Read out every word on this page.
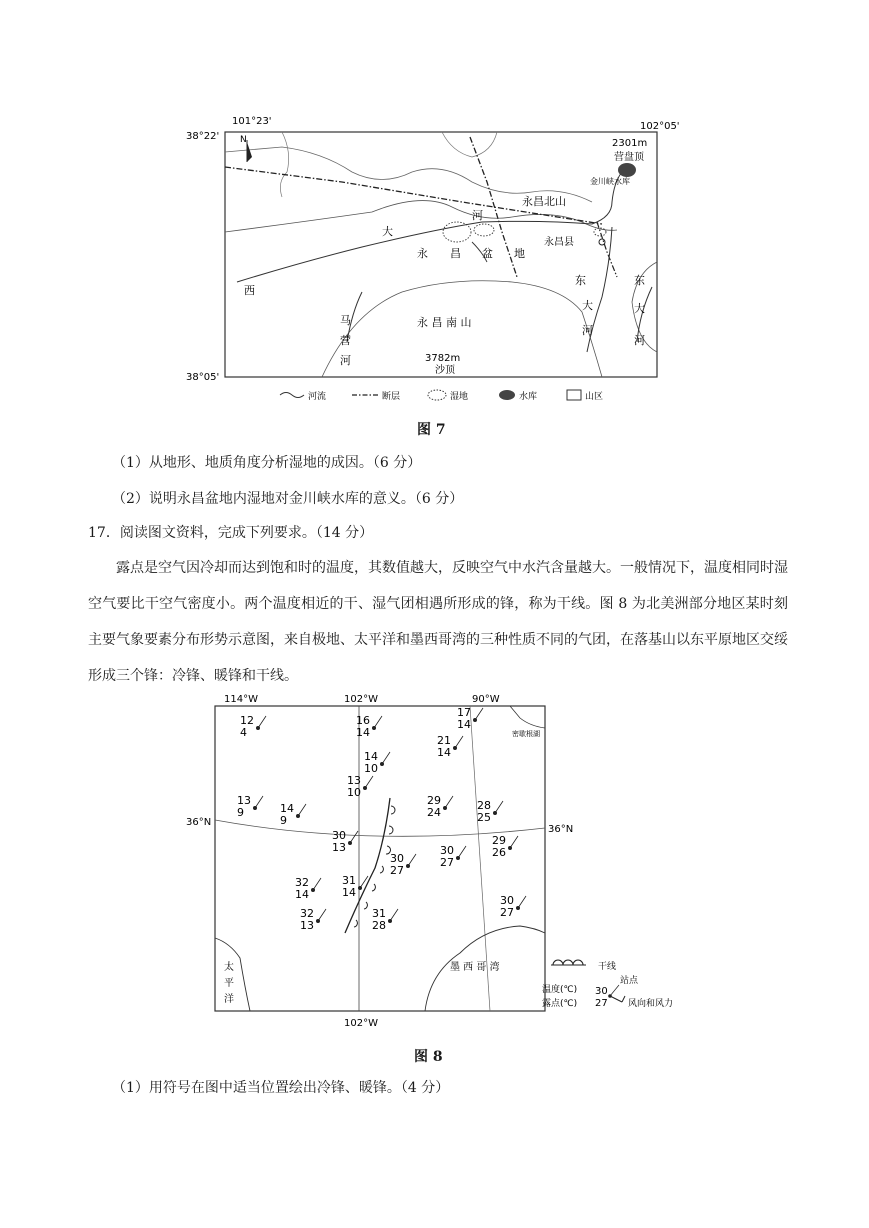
101°23'	102°05'
38°22'
38°05'
N	2301m
营盘顶
金川峡水库
永昌北山
永昌县
河
永 昌 盆 地
大
西
马
营
河
永 昌 南 山
3782m
沙顶
东
大
河
东
大
河
河流	断层	湿地	水库	山区
图 7
（1）从地形、地质角度分析湿地的成因。（6 分）
（2）说明永昌盆地内湿地对金川峡水库的意义。（6 分）
17．阅读图文资料，完成下列要求。（14 分）
露点是空气因冷却而达到饱和时的温度，其数值越大，反映空气中水汽含量越大。一般情况下，温度相同时湿空气要比干空气密度小。两个温度相近的干、湿气团相遇所形成的锋，称为干线。图 8 为北美洲部分地区某时刻主要气象要素分布形势示意图，来自极地、太平洋和墨西哥湾的三种性质不同的气团，在落基山以东平原地区交绥形成三个锋：冷锋、暖锋和干线。
114°W	102°W	90°W
102°W
36°N
36°N
密歇根湖
墨 西 哥 湾
太
平
洋
12
4
16
14
14
10
17
14
21
14
13
9	14
9
13
10
29
24
28
25
30
13	30
27
29
26
30
27
32
14
31
14
32
13
31
28
30
27
干线
站点
温度(℃)
露点(℃)
30
27 风向和风力
图 8
（1）用符号在图中适当位置绘出冷锋、暖锋。（4 分）
